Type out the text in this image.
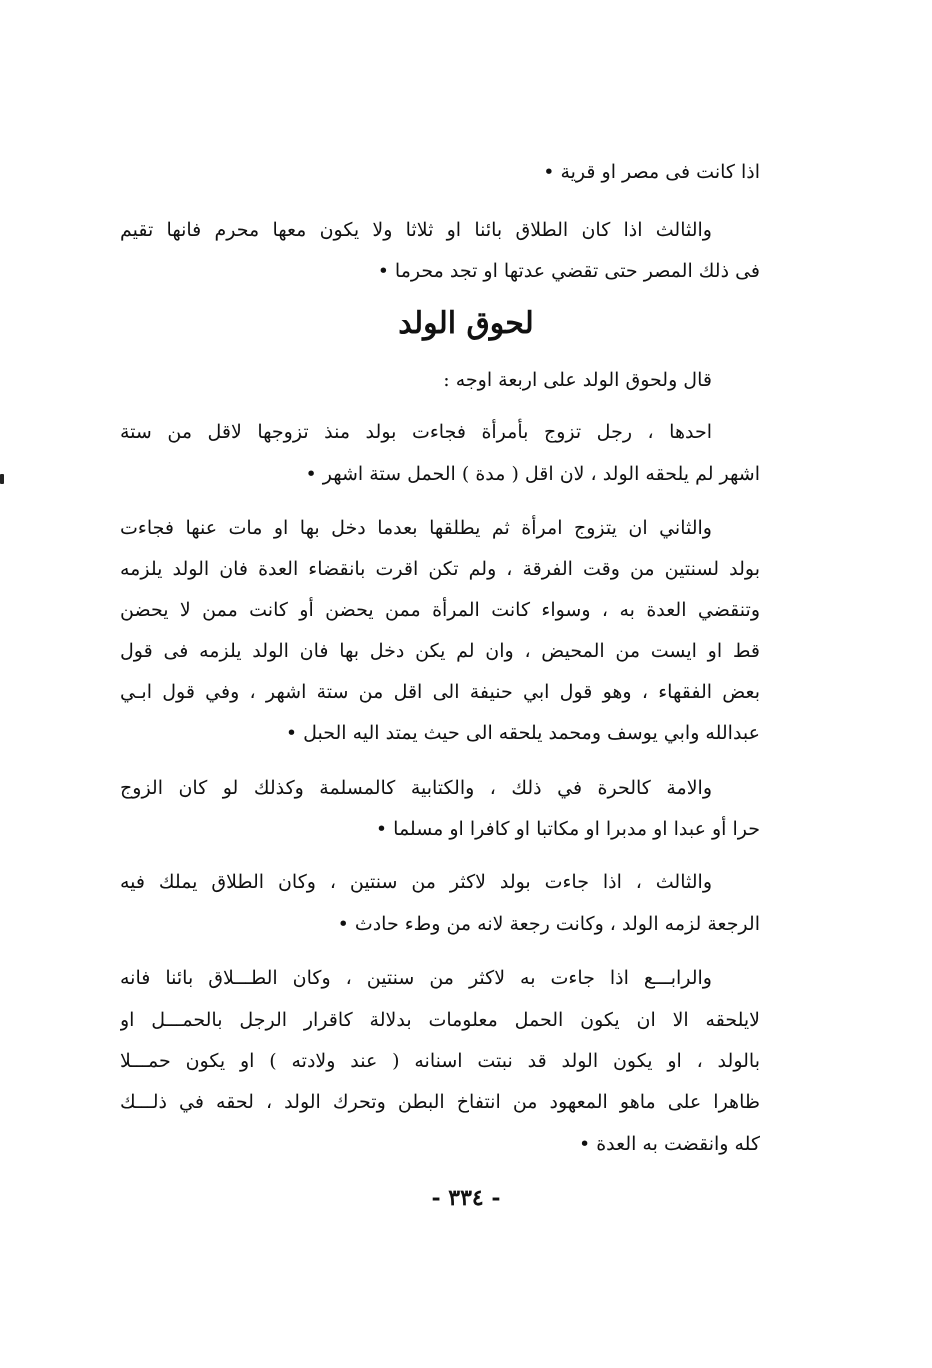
اذا كانت فى مصر او قرية •
والثالث اذا كان الطلاق بائنا او ثلاثا ولا يكون معها محرم فانها تقيم
فى ذلك المصر حتى تقضي عدتها او تجد محرما •
لحوق الولد
قال ولحوق الولد على اربعة اوجه :
احدها ، رجل تزوج بأمرأة فجاءت بولد منذ تزوجها لاقل من ستة
اشهر لم يلحقه الولد ، لان اقل ( مدة ) الحمل ستة اشهر •
والثاني ان يتزوج امرأة ثم يطلقها بعدما دخل بها او مات عنها فجاءت
بولد لسنتين من وقت الفرقة ، ولم تكن اقرت بانقضاء العدة فان الولد يلزمه
وتنقضي العدة به ، وسواء كانت المرأة ممن يحضن أو كانت ممن لا يحضن
قط او ايست من المحيض ، وان لم يكن دخل بها فان الولد يلزمه فى قول
بعض الفقهاء ، وهو قول ابي حنيفة الى اقل من ستة اشهر ، وفي قول ابـي
عبدالله وابي يوسف ومحمد يلحقه الى حيث يمتد اليه الحبل •
والامة كالحرة في ذلك ، والكتابية كالمسلمة وكذلك لو كان الزوج
حرا أو عبدا او مدبرا او مكاتبا او كافرا او مسلما •
والثالث ، اذا جاءت بولد لاكثر من سنتين ، وكان الطلاق يملك فيه
الرجعة لزمه الولد ، وكانت رجعة لانه من وطء حادث •
والرابـــع اذا جاءت به لاكثر من سنتين ، وكان الطـــلاق بائنا فانه
لايلحقه الا ان يكون الحمل معلومات بدلالة كاقرار الرجل بالحمـــل او
بالولد ، او يكون الولد قد نبتت اسنانه ( عند ولادته ) او يكون حمـــلا
ظاهرا على ماهو المعهود من انتفاخ البطن وتحرك الولد ، لحقه في ذلـــك
كله وانقضت به العدة •
- ٣٣٤ -
